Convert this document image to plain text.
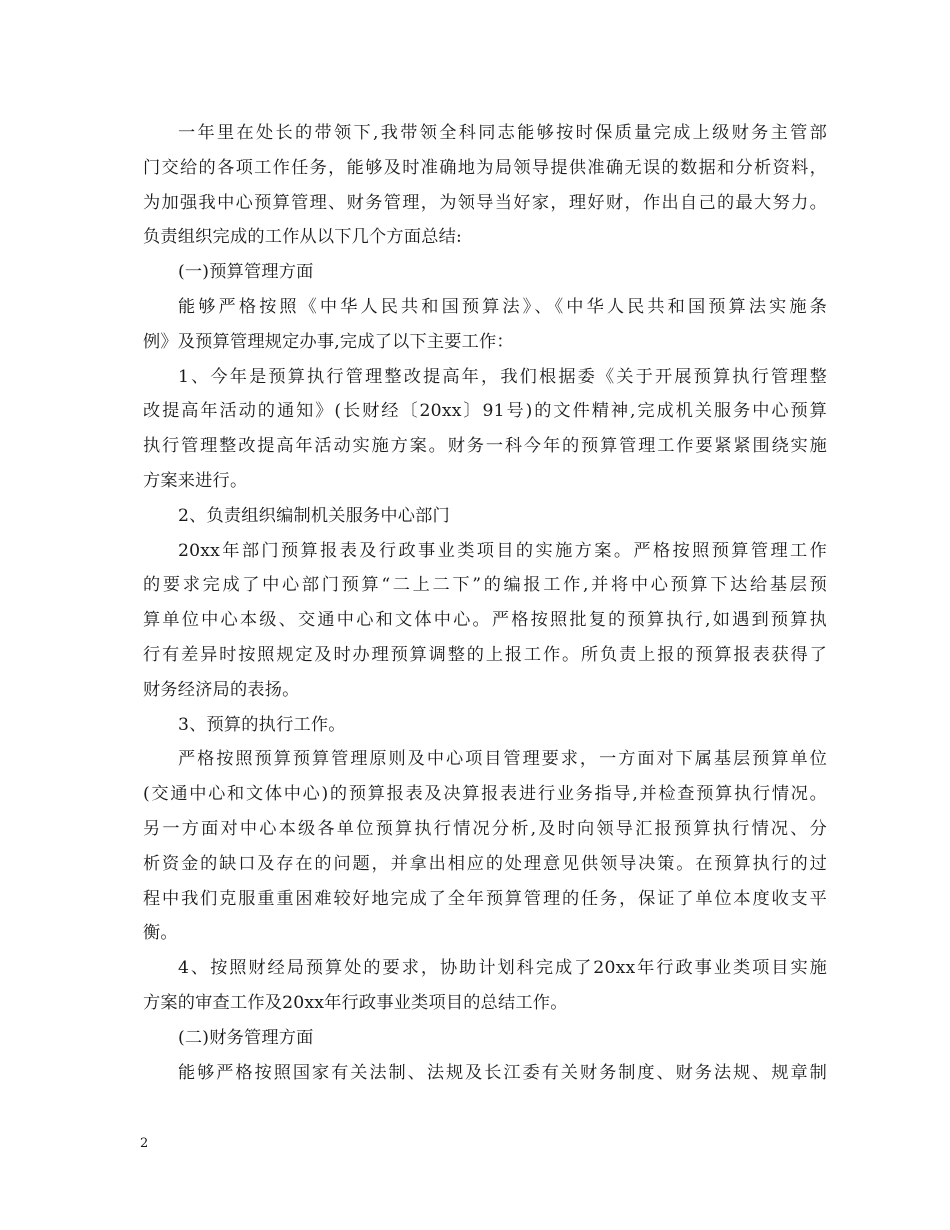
一年里在处长的带领下,我带领全科同志能够按时保质量完成上级财务主管部
门交给的各项工作任务，能够及时准确地为局领导提供准确无误的数据和分析资料，
为加强我中心预算管理、财务管理，为领导当好家，理好财，作出自己的最大努力。
负责组织完成的工作从以下几个方面总结:
(一)预算管理方面
能够严格按照《中华人民共和国预算法》、《中华人民共和国预算法实施条
例》及预算管理规定办事,完成了以下主要工作：
1、今年是预算执行管理整改提高年，我们根据委《关于开展预算执行管理整
改提高年活动的通知》(长财经〔20xx〕91号)的文件精神,完成机关服务中心预算
执行管理整改提高年活动实施方案。财务一科今年的预算管理工作要紧紧围绕实施
方案来进行。
2、负责组织编制机关服务中心部门
20xx年部门预算报表及行政事业类项目的实施方案。严格按照预算管理工作
的要求完成了中心部门预算“二上二下”的编报工作,并将中心预算下达给基层预
算单位中心本级、交通中心和文体中心。严格按照批复的预算执行,如遇到预算执
行有差异时按照规定及时办理预算调整的上报工作。所负责上报的预算报表获得了
财务经济局的表扬。
3、预算的执行工作。
严格按照预算预算管理原则及中心项目管理要求，一方面对下属基层预算单位
(交通中心和文体中心)的预算报表及决算报表进行业务指导,并检查预算执行情况。
另一方面对中心本级各单位预算执行情况分析,及时向领导汇报预算执行情况、分
析资金的缺口及存在的问题，并拿出相应的处理意见供领导决策。在预算执行的过
程中我们克服重重困难较好地完成了全年预算管理的任务，保证了单位本度收支平
衡。
4、按照财经局预算处的要求，协助计划科完成了20xx年行政事业类项目实施
方案的审查工作及20xx年行政事业类项目的总结工作。
(二)财务管理方面
能够严格按照国家有关法制、法规及长江委有关财务制度、财务法规、规章制
2
